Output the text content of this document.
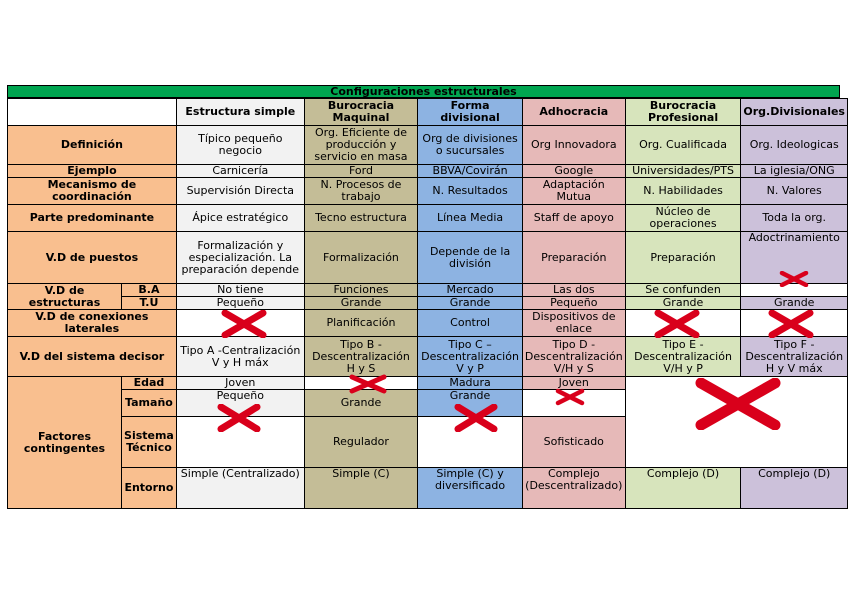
Configuraciones estructurales
		Estructura simple	Burocracia Maquinal	Forma divisional	Adhocracia	Burocracia Profesional	Org.Divisionales
Definición		Típico pequeño negocio	Org. Eficiente de producción y servicio en masa	Org de divisiones o sucursales	Org Innovadora	Org. Cualificada	Org. Ideologicas
Ejemplo		Carnicería	Ford	BBVA/Covirán	Google	Universidades/PTS	La iglesia/ONG
Mecanismo de coordinación		Supervisión Directa	N. Procesos de trabajo	N. Resultados	Adaptación Mutua	N. Habilidades	N. Valores
Parte predominante		Ápice estratégico	Tecno estructura	Línea Media	Staff de apoyo	Núcleo de operaciones	Toda la org.
V.D de puestos		Formalización y especialización. La preparación depende	Formalización	Depende de la división	Preparación	Preparación	Adoctrinamiento
V.D de estructuras	B.A	No tiene	Funciones	Mercado	Las dos	Se confunden	
	T.U	Pequeño	Grande	Grande	Pequeño	Grande	Grande
V.D de conexiones laterales			Planificación	Control	Dispositivos de enlace		
V.D del sistema decisor		Tipo A -Centralización V y H máx	Tipo B - Descentralización H y S	Tipo C – Descentralización V y P	Tipo D - Descentralización V/H y S	Tipo E - Descentralización V/H y P	Tipo F - Descentralización H y V máx
Factores contingentes	Edad	Joven		Madura	Joven		
	Tamaño	Pequeño	Grande	Grande			
	Sistema Técnico		Regulador		Sofisticado		
	Entorno	Simple (Centralizado)	Simple (C)	Simple (C) y diversificado	Complejo (Descentralizado)	Complejo (D)	Complejo (D)
